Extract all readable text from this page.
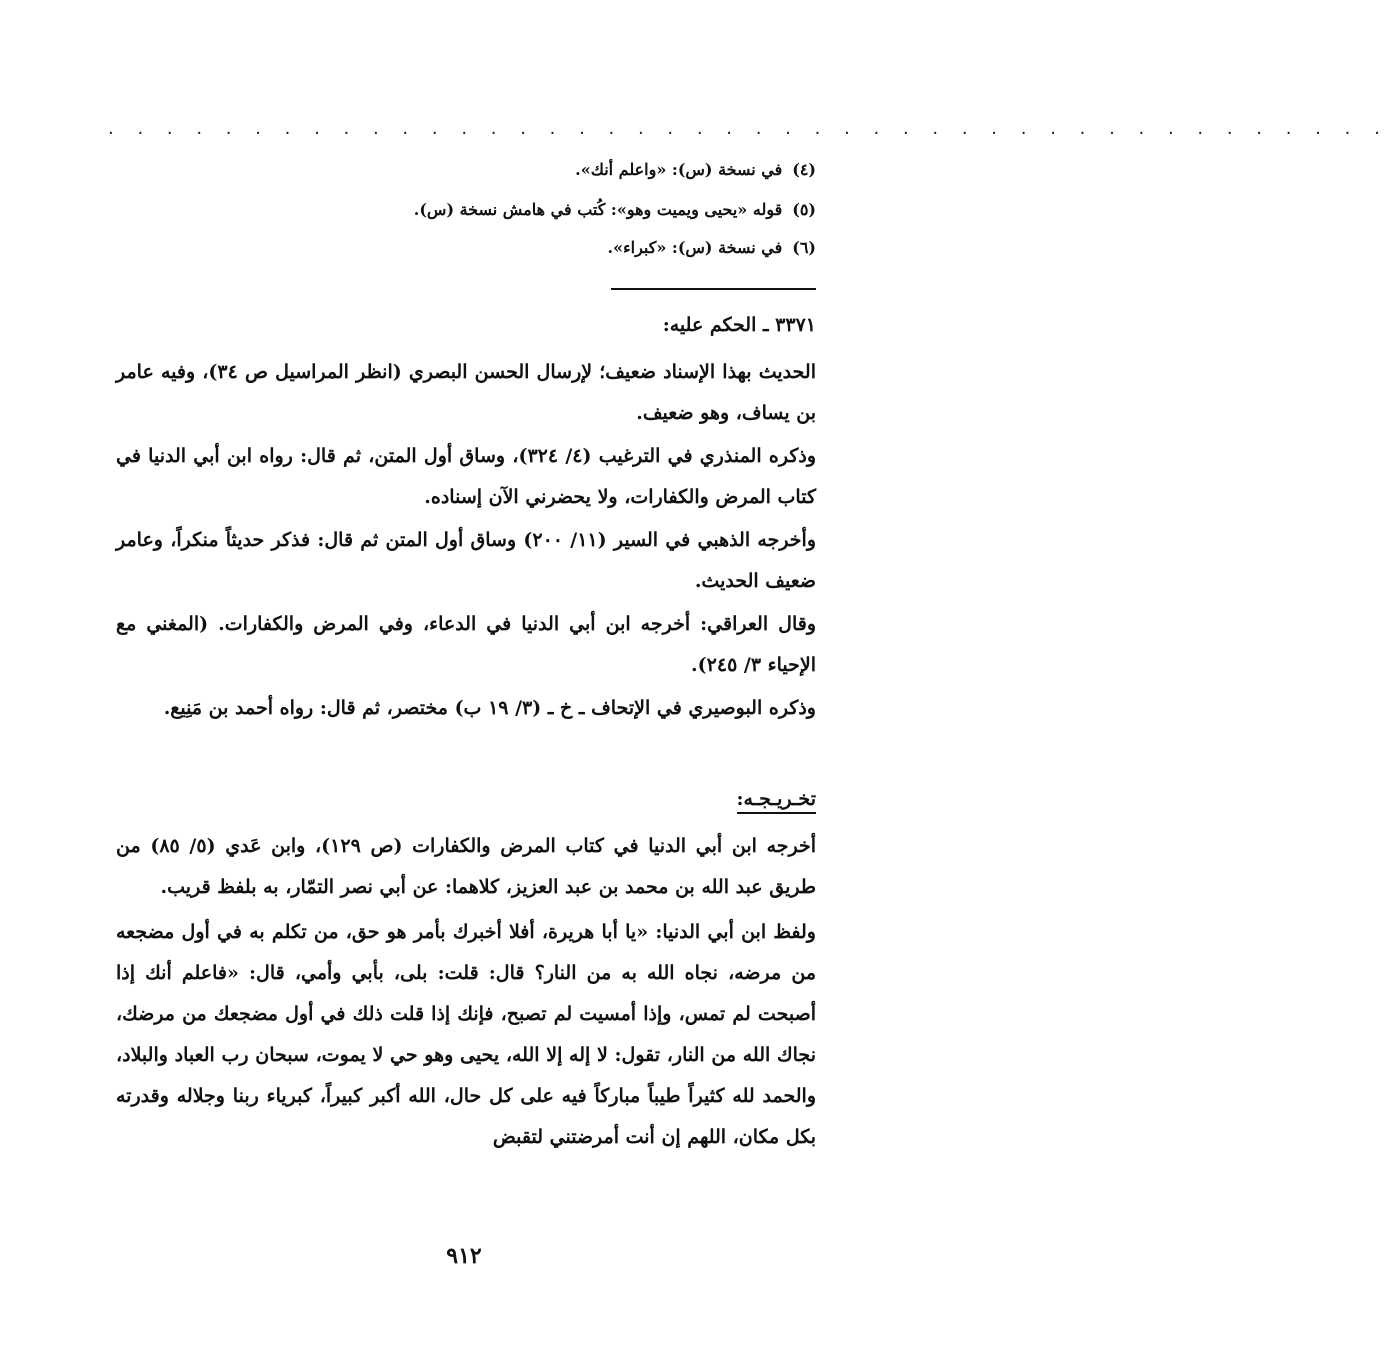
. . . . . . . . . . . . . . . . . . . . . . . . . . . . . . . . . . . . . . . . . . . .
(٤)في نسخة (س): «واعلم أنك».
(٥)قوله «يحيى ويميت وهو»: كُتب في هامش نسخة (س).
(٦)في نسخة (س): «كبراء».
٣٣٧١ ـ الحكم عليه:

الحديث بهذا الإسناد ضعيف؛ لإرسال الحسن البصري (انظر المراسيل ص ٣٤)، وفيه عامر بن يساف، وهو ضعيف.

وذكره المنذري في الترغيب (٤/ ٣٢٤)، وساق أول المتن، ثم قال: رواه ابن أبي الدنيا في كتاب المرض والكفارات، ولا يحضرني الآن إسناده.

وأخرجه الذهبي في السير (١١/ ٢٠٠) وساق أول المتن ثم قال: فذكر حديثاً منكراً، وعامر ضعيف الحديث.

وقال العراقي: أخرجه ابن أبي الدنيا في الدعاء، وفي المرض والكفارات. (المغني مع الإحياء ٣/ ٢٤٥).

وذكره البوصيري في الإتحاف ـ خ ـ (٣/ ١٩ ب) مختصر، ثم قال: رواه أحمد بن مَنِيع.

تخـريـجـه:

أخرجه ابن أبي الدنيا في كتاب المرض والكفارات (ص ١٢٩)، وابن عَدي (٥/ ٨٥) من طريق عبد الله بن محمد بن عبد العزيز، كلاهما: عن أبي نصر التمّار، به بلفظ قريب.

ولفظ ابن أبي الدنيا: «يا أبا هريرة، أفلا أخبرك بأمر هو حق، من تكلم به في أول مضجعه من مرضه، نجاه الله به من النار؟ قال: قلت: بلى، بأبي وأمي، قال: «فاعلم أنك إذا أصبحت لم تمس، وإذا أمسيت لم تصبح، فإنك إذا قلت ذلك في أول مضجعك من مرضك، نجاك الله من النار، تقول: لا إله إلا الله، يحيى وهو حي لا يموت، سبحان رب العباد والبلاد، والحمد لله كثيراً طيباً مباركاً فيه على كل حال، الله أكبر كبيراً، كبرياء ربنا وجلاله وقدرته بكل مكان، اللهم إن أنت أمرضتني لتقبض

٩١٢
